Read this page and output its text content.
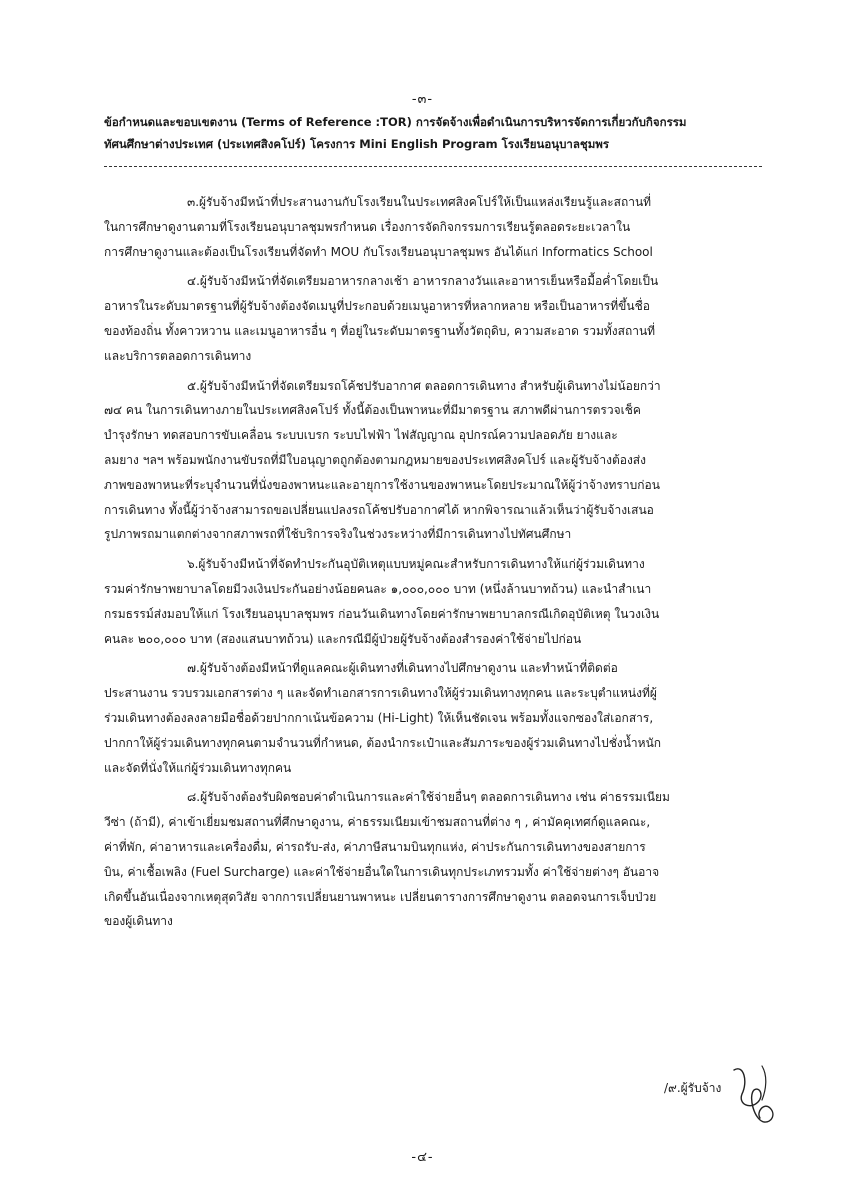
-๓-
ข้อกำหนดและขอบเขตงาน (Terms of Reference :TOR) การจัดจ้างเพื่อดำเนินการบริหารจัดการเกี่ยวกับกิจกรรม
ทัศนศึกษาต่างประเทศ (ประเทศสิงคโปร์) โครงการ Mini English Program โรงเรียนอนุบาลชุมพร
๓.ผู้รับจ้างมีหน้าที่ประสานงานกับโรงเรียนในประเทศสิงคโปร์ให้เป็นแหล่งเรียนรู้และสถานที่
ในการศึกษาดูงานตามที่โรงเรียนอนุบาลชุมพรกำหนด เรื่องการจัดกิจกรรมการเรียนรู้ตลอดระยะเวลาใน
การศึกษาดูงานและต้องเป็นโรงเรียนที่จัดทำ MOU กับโรงเรียนอนุบาลชุมพร อันได้แก่ Informatics School
๔.ผู้รับจ้างมีหน้าที่จัดเตรียมอาหารกลางเช้า อาหารกลางวันและอาหารเย็นหรือมื้อค่ำโดยเป็น
อาหารในระดับมาตรฐานที่ผู้รับจ้างต้องจัดเมนูที่ประกอบด้วยเมนูอาหารที่หลากหลาย หรือเป็นอาหารที่ขึ้นชื่อ
ของท้องถิ่น ทั้งคาวหวาน และเมนูอาหารอื่น ๆ ที่อยู่ในระดับมาตรฐานทั้งวัตถุดิบ, ความสะอาด รวมทั้งสถานที่
และบริการตลอดการเดินทาง
๕.ผู้รับจ้างมีหน้าที่จัดเตรียมรถโค้ชปรับอากาศ ตลอดการเดินทาง สำหรับผู้เดินทางไม่น้อยกว่า
๗๔ คน ในการเดินทางภายในประเทศสิงคโปร์ ทั้งนี้ต้องเป็นพาหนะที่มีมาตรฐาน สภาพดีผ่านการตรวจเช็ค
บำรุงรักษา ทดสอบการขับเคลื่อน ระบบเบรก ระบบไฟฟ้า ไฟสัญญาณ อุปกรณ์ความปลอดภัย ยางและ
ลมยาง ฯลฯ พร้อมพนักงานขับรถที่มีใบอนุญาตถูกต้องตามกฎหมายของประเทศสิงคโปร์ และผู้รับจ้างต้องส่ง
ภาพของพาหนะที่ระบุจำนวนที่นั่งของพาหนะและอายุการใช้งานของพาหนะโดยประมาณให้ผู้ว่าจ้างทราบก่อน
การเดินทาง ทั้งนี้ผู้ว่าจ้างสามารถขอเปลี่ยนแปลงรถโค้ชปรับอากาศได้ หากพิจารณาแล้วเห็นว่าผู้รับจ้างเสนอ
รูปภาพรถมาแตกต่างจากสภาพรถที่ใช้บริการจริงในช่วงระหว่างที่มีการเดินทางไปทัศนศึกษา
๖.ผู้รับจ้างมีหน้าที่จัดทำประกันอุบัติเหตุแบบหมู่คณะสำหรับการเดินทางให้แก่ผู้ร่วมเดินทาง
รวมค่ารักษาพยาบาลโดยมีวงเงินประกันอย่างน้อยคนละ ๑,๐๐๐,๐๐๐ บาท (หนึ่งล้านบาทถ้วน) และนำสำเนา
กรมธรรม์ส่งมอบให้แก่ โรงเรียนอนุบาลชุมพร ก่อนวันเดินทางโดยค่ารักษาพยาบาลกรณีเกิดอุบัติเหตุ ในวงเงิน
คนละ ๒๐๐,๐๐๐ บาท (สองแสนบาทถ้วน) และกรณีมีผู้ป่วยผู้รับจ้างต้องสำรองค่าใช้จ่ายไปก่อน
๗.ผู้รับจ้างต้องมีหน้าที่ดูแลคณะผู้เดินทางที่เดินทางไปศึกษาดูงาน และทำหน้าที่ติดต่อ
ประสานงาน รวบรวมเอกสารต่าง ๆ และจัดทำเอกสารการเดินทางให้ผู้ร่วมเดินทางทุกคน และระบุตำแหน่งที่ผู้
ร่วมเดินทางต้องลงลายมือชื่อด้วยปากกาเน้นข้อความ (Hi-Light) ให้เห็นชัดเจน พร้อมทั้งแจกซองใส่เอกสาร,
ปากกาให้ผู้ร่วมเดินทางทุกคนตามจำนวนที่กำหนด, ต้องนำกระเป๋าและสัมภาระของผู้ร่วมเดินทางไปชั่งน้ำหนัก
และจัดที่นั่งให้แก่ผู้ร่วมเดินทางทุกคน
๘.ผู้รับจ้างต้องรับผิดชอบค่าดำเนินการและค่าใช้จ่ายอื่นๆ ตลอดการเดินทาง เช่น ค่าธรรมเนียม
วีซ่า (ถ้ามี), ค่าเข้าเยี่ยมชมสถานที่ศึกษาดูงาน, ค่าธรรมเนียมเข้าชมสถานที่ต่าง ๆ , ค่ามัคคุเทศก์ดูแลคณะ,
ค่าที่พัก, ค่าอาหารและเครื่องดื่ม, ค่ารถรับ-ส่ง, ค่าภาษีสนามบินทุกแห่ง, ค่าประกันการเดินทางของสายการ
บิน, ค่าเชื้อเพลิง (Fuel Surcharge) และค่าใช้จ่ายอื่นใดในการเดินทุกประเภทรวมทั้ง ค่าใช้จ่ายต่างๆ อันอาจ
เกิดขึ้นอันเนื่องจากเหตุสุดวิสัย จากการเปลี่ยนยานพาหนะ เปลี่ยนตารางการศึกษาดูงาน ตลอดจนการเจ็บป่วย
ของผู้เดินทาง
/๙.ผู้รับจ้าง
-๔-
